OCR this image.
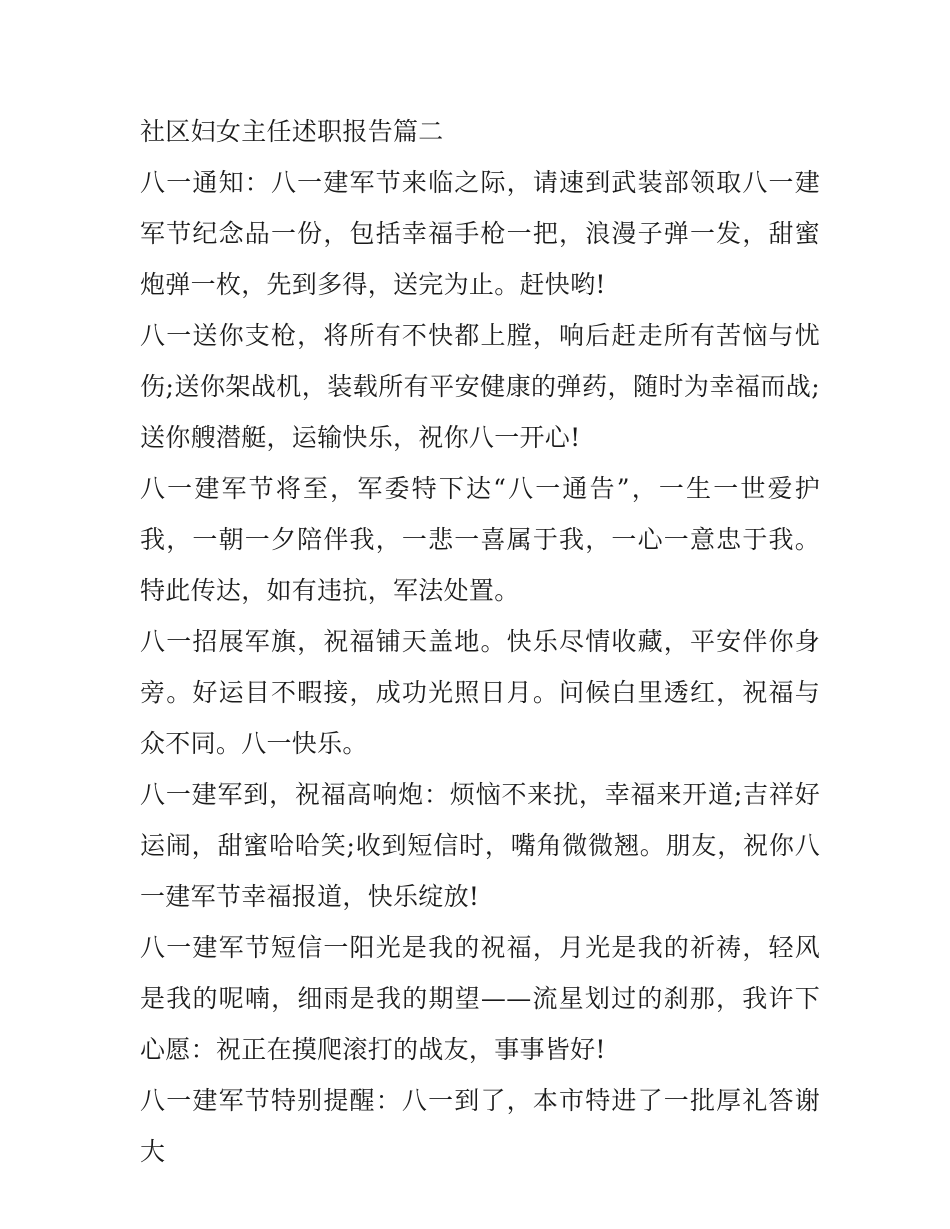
社区妇女主任述职报告篇二

八一通知：八一建军节来临之际，请速到武装部领取八一建军节纪念品一份，包括幸福手枪一把，浪漫子弹一发，甜蜜炮弹一枚，先到多得，送完为止。赶快哟!

八一送你支枪，将所有不快都上膛，响后赶走所有苦恼与忧伤;送你架战机，装载所有平安健康的弹药，随时为幸福而战;送你艘潜艇，运输快乐，祝你八一开心!

八一建军节将至，军委特下达“八一通告”，一生一世爱护我，一朝一夕陪伴我，一悲一喜属于我，一心一意忠于我。特此传达，如有违抗，军法处置。

八一招展军旗，祝福铺天盖地。快乐尽情收藏，平安伴你身旁。好运目不暇接，成功光照日月。问候白里透红，祝福与众不同。八一快乐。

八一建军到，祝福高响炮：烦恼不来扰，幸福来开道;吉祥好运闹，甜蜜哈哈笑;收到短信时，嘴角微微翘。朋友，祝你八一建军节幸福报道，快乐绽放!

八一建军节短信一阳光是我的祝福，月光是我的祈祷，轻风是我的呢喃，细雨是我的期望——流星划过的刹那，我许下心愿：祝正在摸爬滚打的战友，事事皆好!

八一建军节特别提醒：八一到了，本市特进了一批厚礼答谢大
